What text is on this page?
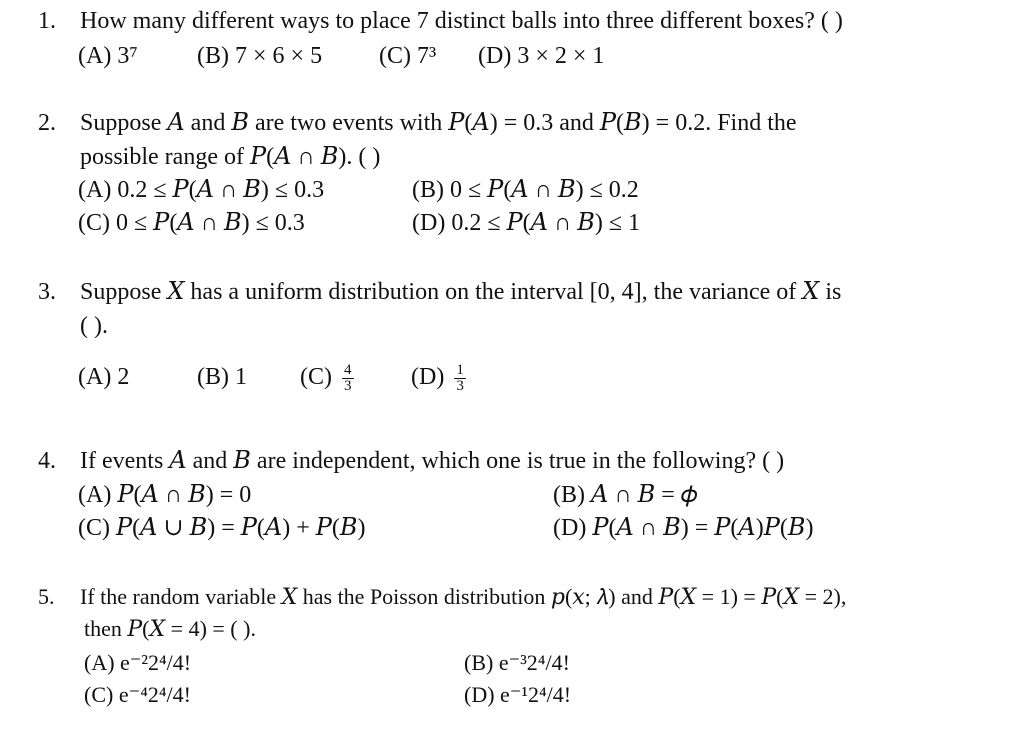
1. How many different ways to place 7 distinct balls into three different boxes? ( )
(A) 3⁷ (B) 7 × 6 × 5 (C) 7³ (D) 3 × 2 × 1
2. Suppose 𝐴 and 𝐵 are two events with 𝑃(𝐴) = 0.3 and 𝑃(𝐵) = 0.2. Find the
possible range of 𝑃(𝐴 ∩ 𝐵). ( )
(A) 0.2 ≤ 𝑃(𝐴 ∩ 𝐵) ≤ 0.3	(B) 0 ≤ 𝑃(𝐴 ∩ 𝐵) ≤ 0.2
(C) 0 ≤ 𝑃(𝐴 ∩ 𝐵) ≤ 0.3	(D) 0.2 ≤ 𝑃(𝐴 ∩ 𝐵) ≤ 1
3. Suppose 𝑋 has a uniform distribution on the interval [0, 4], the variance of 𝑋 is
( ).
(A) 2	(B) 1 $(C) \frac{4}{3} (D) \frac{1}{3}$
4. If events 𝐴 and 𝐵 are independent, which one is true in the following? ( )
(A) 𝑃(𝐴 ∩ 𝐵) = 0	(B) 𝐴 ∩ 𝐵 = 𝜙
(C) 𝑃(𝐴 ∪ 𝐵) = 𝑃(𝐴) + 𝑃(𝐵)	(D) 𝑃(𝐴 ∩ 𝐵) = 𝑃(𝐴)𝑃(𝐵)
5. If the random variable 𝑋 has the Poisson distribution 𝑝(𝑥; 𝜆) and 𝑃(𝑋 = 1) = 𝑃(𝑋 = 2),
then 𝑃(𝑋 = 4) = ( ).
(A) e⁻²2⁴/4!	(B) e⁻³2⁴/4!
(C) e⁻⁴2⁴/4!	(D) e⁻¹2⁴/4!
